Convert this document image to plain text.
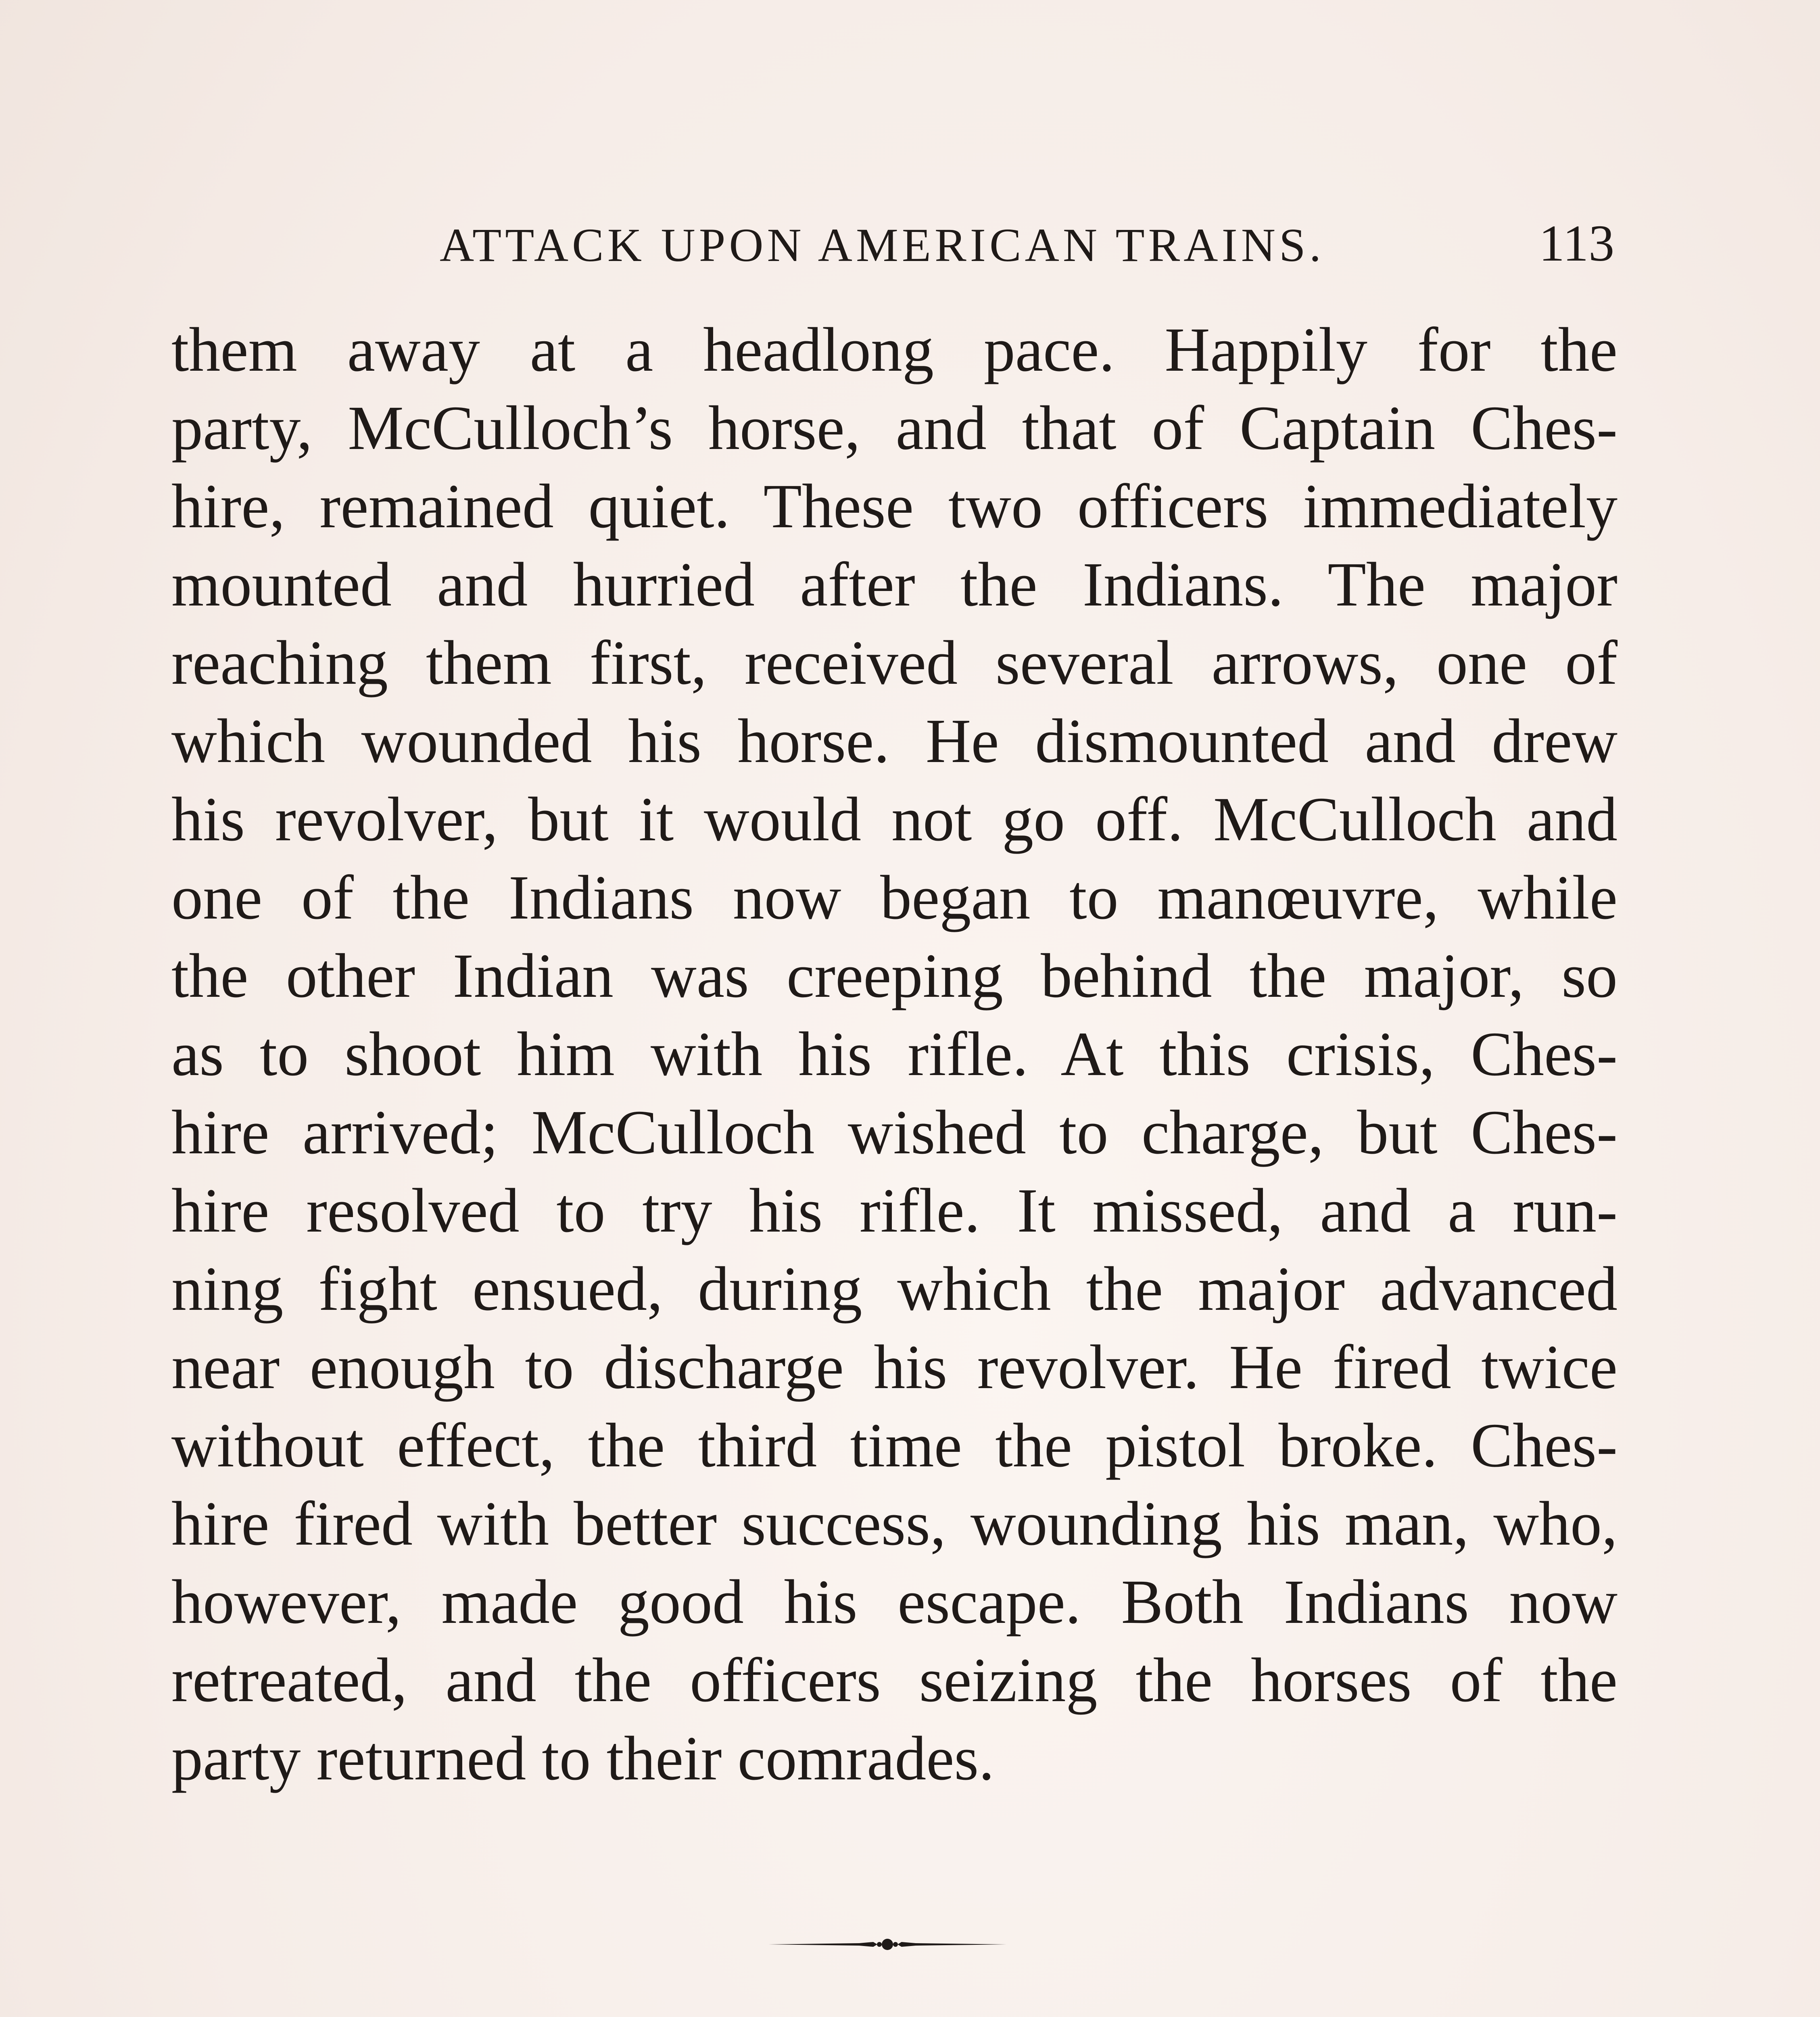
ATTACK UPON AMERICAN TRAINS.	113
them away at a headlong pace. Happily for the
party, McCulloch’s horse, and that of Captain Ches-
hire, remained quiet. These two officers immediately
mounted and hurried after the Indians. The major
reaching them first, received several arrows, one of
which wounded his horse. He dismounted and drew
his revolver, but it would not go off. McCulloch and
one of the Indians now began to manœuvre, while
the other Indian was creeping behind the major, so
as to shoot him with his rifle. At this crisis, Ches-
hire arrived; McCulloch wished to charge, but Ches-
hire resolved to try his rifle. It missed, and a run-
ning fight ensued, during which the major advanced
near enough to discharge his revolver. He fired twice
without effect, the third time the pistol broke. Ches-
hire fired with better success, wounding his man, who,
however, made good his escape. Both Indians now
retreated, and the officers seizing the horses of the
party returned to their comrades.
